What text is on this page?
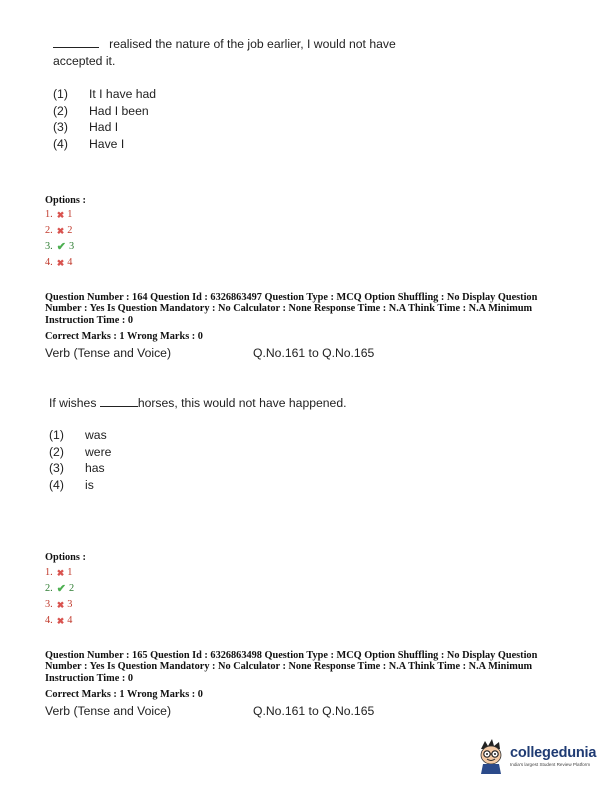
realised the nature of the job earlier, I would not have
accepted it.
(1)	It I have had
(2)	Had I been
(3)	Had I
(4)	Have I
Options :
1. ✖ 1
2. ✖ 2
3. ✔ 3
4. ✖ 4
Question Number : 164 Question Id : 6326863497 Question Type : MCQ Option Shuffling : No Display Question
Number : Yes Is Question Mandatory : No Calculator : None Response Time : N.A Think Time : N.A Minimum
Instruction Time : 0
Correct Marks : 1 Wrong Marks : 0
Verb (Tense and Voice)	Q.No.161 to Q.No.165
If wishes	horses, this would not have happened.
(1)	was
(2)	were
(3)	has
(4)	is
Options :
1. ✖ 1
2. ✔ 2
3. ✖ 3
4. ✖ 4
Question Number : 165 Question Id : 6326863498 Question Type : MCQ Option Shuffling : No Display Question
Number : Yes Is Question Mandatory : No Calculator : None Response Time : N.A Think Time : N.A Minimum
Instruction Time : 0
Correct Marks : 1 Wrong Marks : 0
Verb (Tense and Voice)	Q.No.161 to Q.No.165
collegedunia
India's largest Student Review Platform
